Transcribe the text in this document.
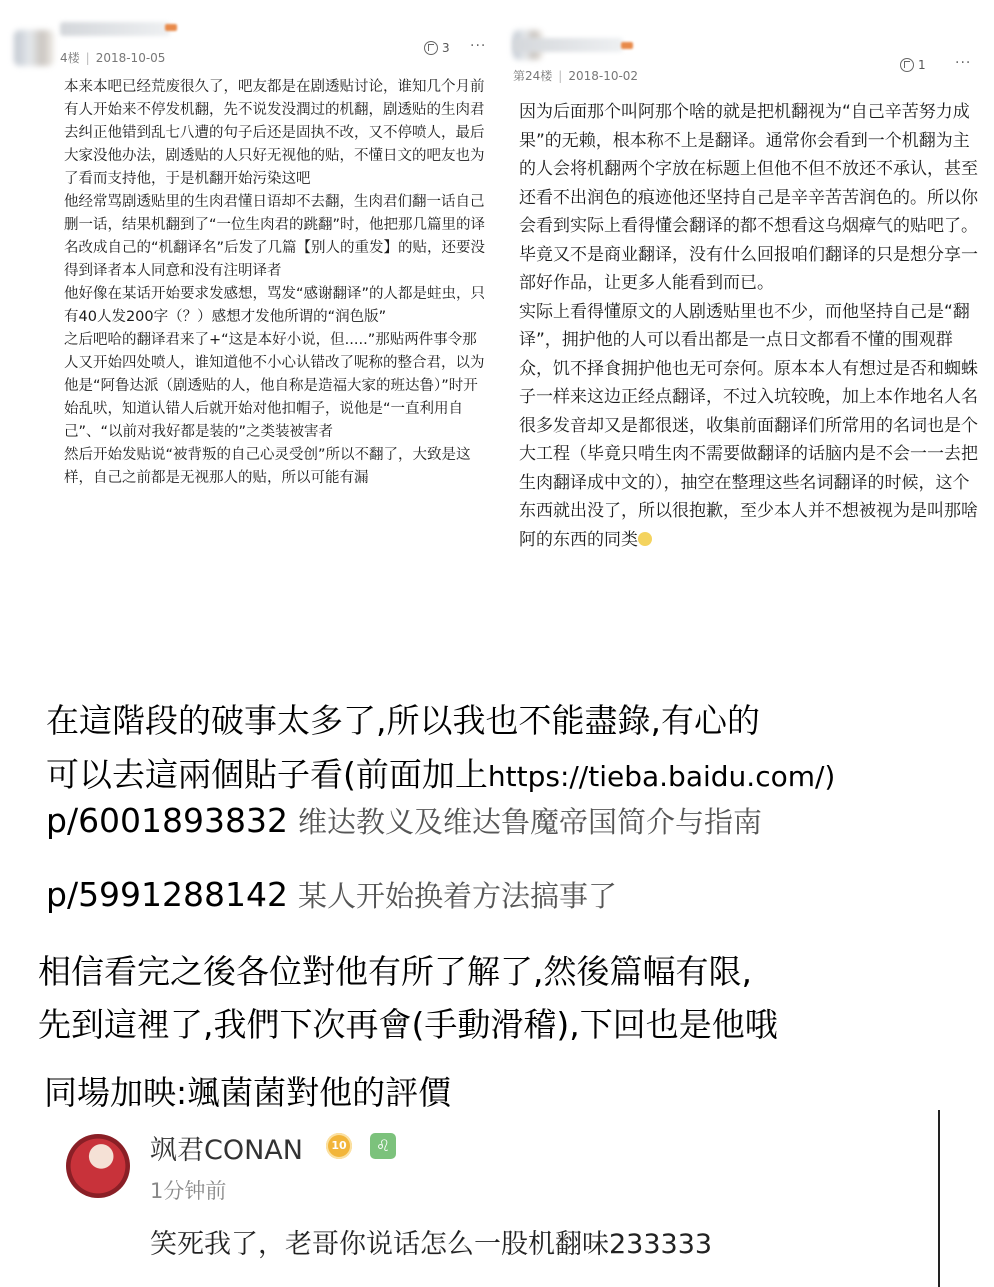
4楼 | 2018-10-05
3 ···

本来本吧已经荒废很久了，吧友都是在剧透贴讨论，谁知几个月前有人开始来不停发机翻，先不说发没潤过的机翻，剧透贴的生肉君去纠正他错到乱七八遭的句子后还是固执不改，又不停喷人，最后大家没他办法，剧透贴的人只好无视他的贴，不懂日文的吧友也为了看而支持他，于是机翻开始污染这吧

他经常骂剧透贴里的生肉君懂日语却不去翻，生肉君们翻一话自己删一话，结果机翻到了“一位生肉君的跳翻”时，他把那几篇里的译名改成自己的“机翻译名”后发了几篇【别人的重发】的贴，还要没得到译者本人同意和没有注明译者

他好像在某话开始要求发感想，骂发“感谢翻译”的人都是蛀虫，只有40人发200字（？）感想才发他所谓的“润色版”

之后吧哈的翻译君来了+“这是本好小说，但.....”那贴两件事令那人又开始四处喷人，谁知道他不小心认错改了呢称的整合君，以为他是“阿鲁达派（剧透贴的人，他自称是造福大家的班达鲁）”时开始乱吠，知道认错人后就开始对他扣帽子，说他是“一直利用自己”、“以前对我好都是装的”之类装被害者

然后开始发贴说“被背叛的自己心灵受创”所以不翻了，大致是这样，自己之前都是无视那人的贴，所以可能有漏

第24楼 | 2018-10-02
1 ···

因为后面那个叫阿那个啥的就是把机翻视为“自己辛苦努力成果”的无赖，根本称不上是翻译。通常你会看到一个机翻为主的人会将机翻两个字放在标题上但他不但不放还不承认，甚至还看不出润色的痕迹他还坚持自己是辛辛苦苦润色的。所以你会看到实际上看得懂会翻译的都不想看这乌烟瘴气的贴吧了。

毕竟又不是商业翻译，没有什么回报咱们翻译的只是想分享一部好作品，让更多人能看到而已。

实际上看得懂原文的人剧透贴里也不少，而他坚持自己是“翻译”，拥护他的人可以看出都是一点日文都看不懂的围观群众，饥不择食拥护他也无可奈何。原本本人有想过是否和蜘蛛子一样来这边正经点翻译，不过入坑较晚，加上本作地名人名很多发音却又是都很迷，收集前面翻译们所常用的名词也是个大工程（毕竟只啃生肉不需要做翻译的话脑内是不会一一去把生肉翻译成中文的），抽空在整理这些名词翻译的时候，这个东西就出没了，所以很抱歉，至少本人并不想被视为是叫那啥阿的东西的同类

在這階段的破事太多了,所以我也不能盡錄,有心的
可以去這兩個貼子看(前面加上https://tieba.baidu.com/)
p/6001893832 维达教义及维达鲁魔帝国简介与指南
p/5991288142 某人开始换着方法搞事了
相信看完之後各位對他有所了解了,然後篇幅有限,
先到這裡了,我們下次再會(手動滑稽),下回也是他哦
同場加映:颯菌菌對他的評價
飒君CONAN	10	♌
1分钟前
笑死我了，老哥你说话怎么一股机翻味233333
